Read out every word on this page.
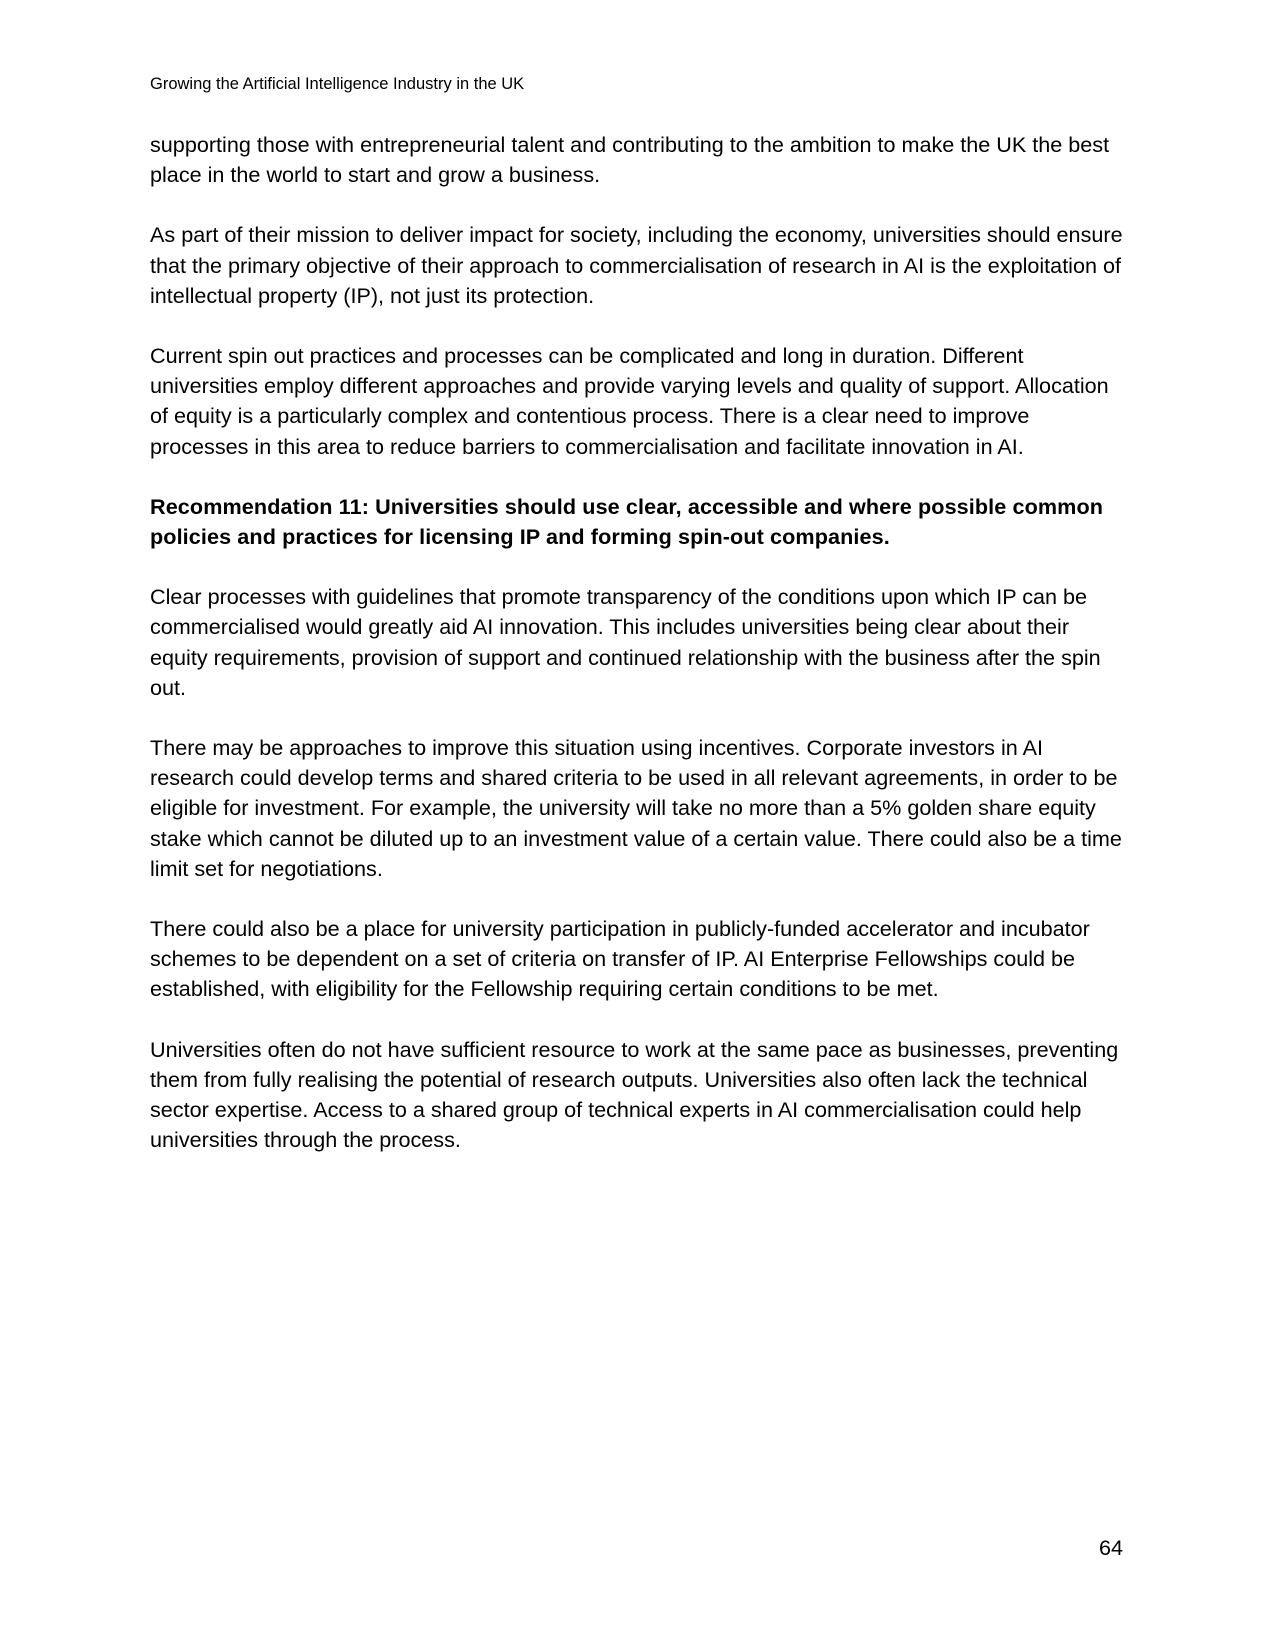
Growing the Artificial Intelligence Industry in the UK

supporting those with entrepreneurial talent and contributing to the ambition to make the UK the best place in the world to start and grow a business.

As part of their mission to deliver impact for society, including the economy, universities should ensure that the primary objective of their approach to commercialisation of research in AI is the exploitation of intellectual property (IP), not just its protection.

Current spin out practices and processes can be complicated and long in duration. Different universities employ different approaches and provide varying levels and quality of support. Allocation of equity is a particularly complex and contentious process. There is a clear need to improve processes in this area to reduce barriers to commercialisation and facilitate innovation in AI.

Recommendation 11: Universities should use clear, accessible and where possible common policies and practices for licensing IP and forming spin-out companies.

Clear processes with guidelines that promote transparency of the conditions upon which IP can be commercialised would greatly aid AI innovation. This includes universities being clear about their equity requirements, provision of support and continued relationship with the business after the spin out.

There may be approaches to improve this situation using incentives. Corporate investors in AI research could develop terms and shared criteria to be used in all relevant agreements, in order to be eligible for investment. For example, the university will take no more than a 5% golden share equity stake which cannot be diluted up to an investment value of a certain value. There could also be a time limit set for negotiations.

There could also be a place for university participation in publicly-funded accelerator and incubator schemes to be dependent on a set of criteria on transfer of IP. AI Enterprise Fellowships could be established, with eligibility for the Fellowship requiring certain conditions to be met.

Universities often do not have sufficient resource to work at the same pace as businesses, preventing them from fully realising the potential of research outputs. Universities also often lack the technical sector expertise. Access to a shared group of technical experts in AI commercialisation could help universities through the process.

64
